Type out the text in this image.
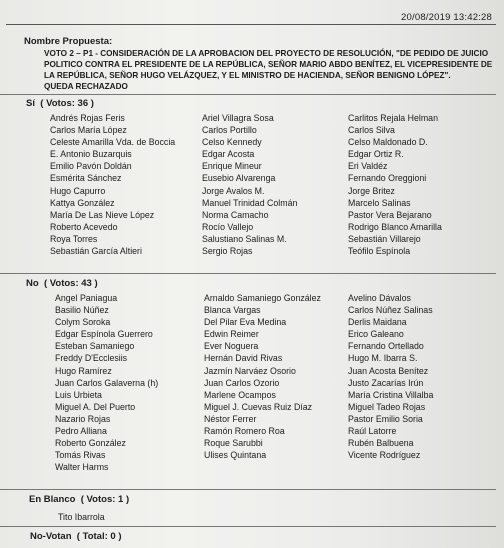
20/08/2019 13:42:28
Nombre Propuesta:
VOTO 2 – P1 - CONSIDERACIÓN DE LA APROBACION DEL PROYECTO DE RESOLUCIÓN, "DE PEDIDO DE JUICIO POLITICO CONTRA EL PRESIDENTE DE LA REPÚBLICA, SEÑOR MARIO ABDO BENÍTEZ, EL VICEPRESIDENTE DE LA REPÚBLICA, SEÑOR HUGO VELÁZQUEZ, Y EL MINISTRO DE HACIENDA, SEÑOR BENIGNO LÓPEZ".
QUEDA RECHAZADO
Sí ( Votos: 36 )
Andrés Rojas Feris
Carlos María López
Celeste Amarilla Vda. de Boccia
E. Antonio Buzarquis
Emilio Pavón Doldán
Esmérita Sánchez
Hugo Capurro
Kattya González
María De Las Nieve López
Roberto Acevedo
Roya Torres
Sebastián García Altieri
Ariel Villagra Sosa
Carlos Portillo
Celso Kennedy
Edgar Acosta
Enrique Mineur
Eusebio Alvarenga
Jorge Avalos M.
Manuel Trinidad Colmán
Norma Camacho
Rocío Vallejo
Salustiano Salinas M.
Sergio Rojas
Carlitos Rejala Helman
Carlos Silva
Celso Maldonado D.
Edgar Ortiz R.
Eri Valdéz
Fernando Oreggioni
Jorge Britez
Marcelo Salinas
Pastor Vera Bejarano
Rodrigo Blanco Amarilla
Sebastián Villarejo
Teófilo Espínola
No ( Votos: 43 )
Angel Paniagua
Basilio Núñez
Colym Soroka
Edgar Espínola Guerrero
Esteban Samaniego
Freddy D'Ecclesiis
Hugo Ramírez
Juan Carlos Galaverna (h)
Luis Urbieta
Miguel A. Del Puerto
Nazario Rojas
Pedro Alliana
Roberto González
Tomás Rivas
Walter Harms
Arnaldo Samaniego González
Blanca Vargas
Del Pilar Eva Medina
Edwin Reimer
Ever Noguera
Hernán David Rivas
Jazmín Narváez Osorio
Juan Carlos Ozorio
Marlene Ocampos
Miguel J. Cuevas Ruiz Díaz
Néstor Ferrer
Ramón Romero Roa
Roque Sarubbi
Ulises Quintana
Avelino Dávalos
Carlos Núñez Salinas
Derlis Maidana
Erico Galeano
Fernando Ortellado
Hugo M. Ibarra S.
Juan Acosta Benítez
Justo Zacarías Irún
María Cristina Villalba
Miguel Tadeo Rojas
Pastor Emilio Soria
Raúl Latorre
Rubén Balbuena
Vicente Rodríguez
En Blanco ( Votos: 1 )
Tito Ibarrola
No-Votan ( Total: 0 )
